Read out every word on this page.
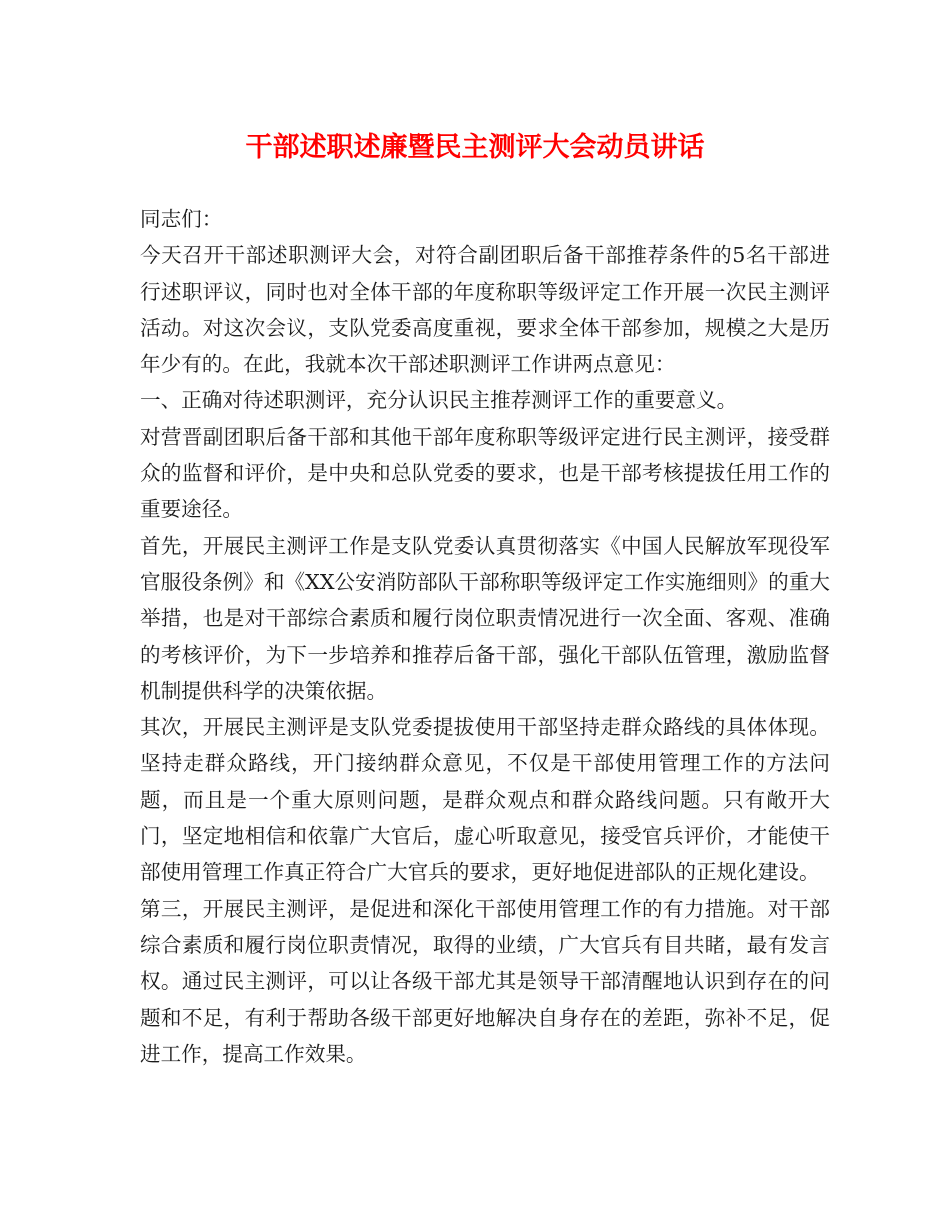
干部述职述廉暨民主测评大会动员讲话

同志们：

今天召开干部述职测评大会，对符合副团职后备干部推荐条件的5名干部进行述职评议，同时也对全体干部的年度称职等级评定工作开展一次民主测评活动。对这次会议，支队党委高度重视，要求全体干部参加，规模之大是历年少有的。在此，我就本次干部述职测评工作讲两点意见：

一、正确对待述职测评，充分认识民主推荐测评工作的重要意义。

对营晋副团职后备干部和其他干部年度称职等级评定进行民主测评，接受群众的监督和评价，是中央和总队党委的要求，也是干部考核提拔任用工作的重要途径。

首先，开展民主测评工作是支队党委认真贯彻落实《中国人民解放军现役军官服役条例》和《XX公安消防部队干部称职等级评定工作实施细则》的重大举措，也是对干部综合素质和履行岗位职责情况进行一次全面、客观、准确的考核评价，为下一步培养和推荐后备干部，强化干部队伍管理，激励监督机制提供科学的决策依据。

其次，开展民主测评是支队党委提拔使用干部坚持走群众路线的具体体现。坚持走群众路线，开门接纳群众意见，不仅是干部使用管理工作的方法问题，而且是一个重大原则问题，是群众观点和群众路线问题。只有敞开大门，坚定地相信和依靠广大官后，虚心听取意见，接受官兵评价，才能使干部使用管理工作真正符合广大官兵的要求，更好地促进部队的正规化建设。

第三，开展民主测评，是促进和深化干部使用管理工作的有力措施。对干部综合素质和履行岗位职责情况，取得的业绩，广大官兵有目共睹，最有发言权。通过民主测评，可以让各级干部尤其是领导干部清醒地认识到存在的问题和不足，有利于帮助各级干部更好地解决自身存在的差距，弥补不足，促进工作，提高工作效果。
